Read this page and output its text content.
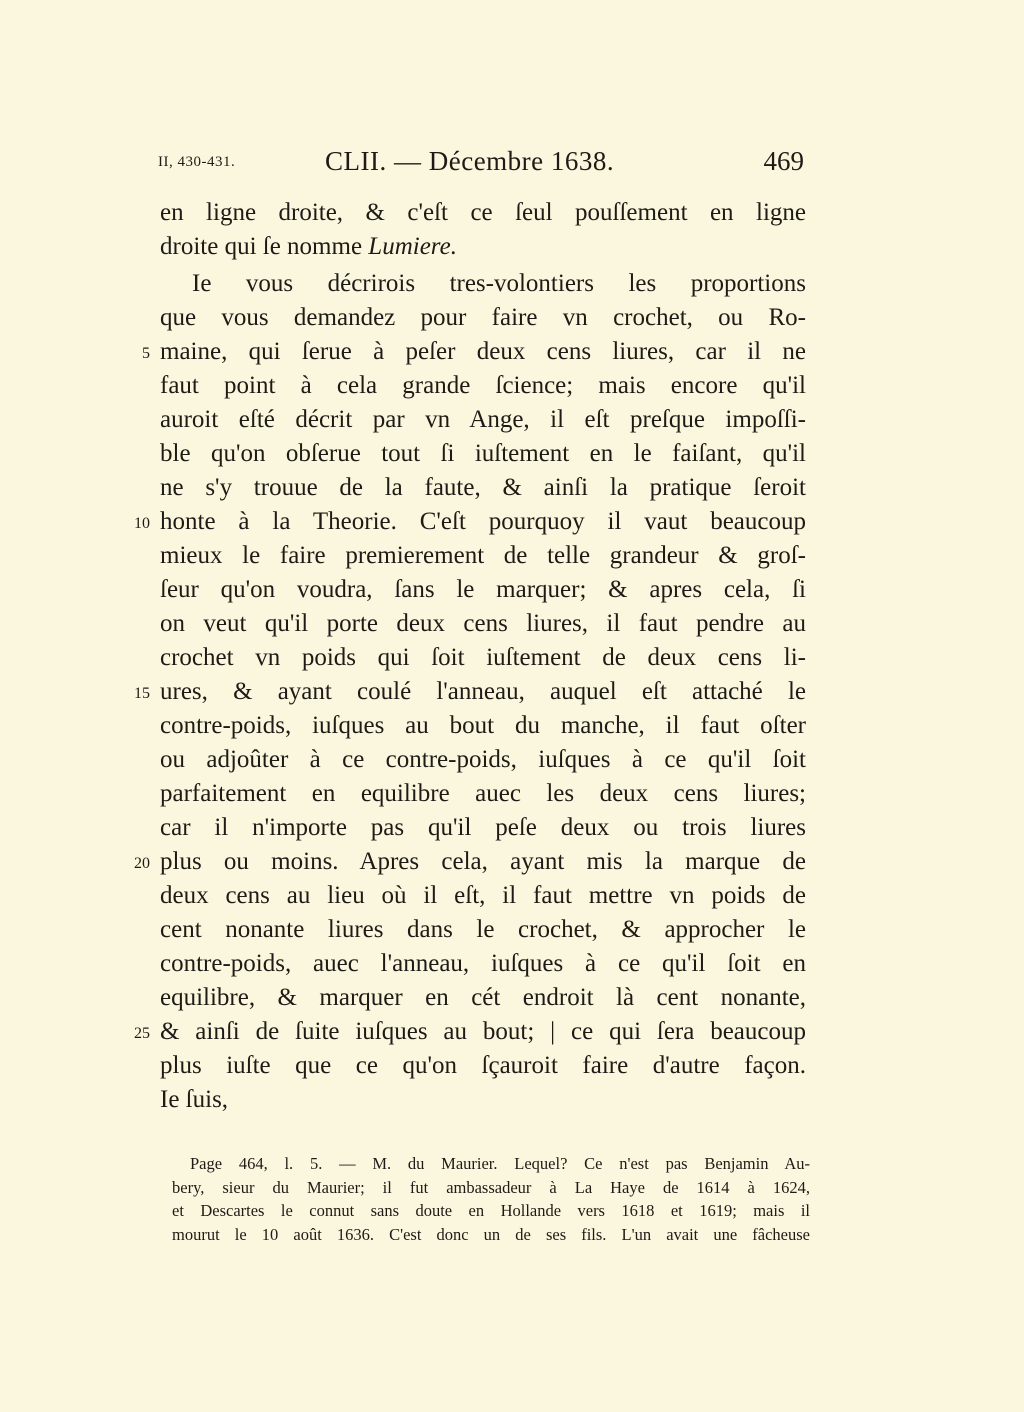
II, 430-431.	CLII. — Décembre 1638.	469
en ligne droite, & c'eſt ce ſeul pouſſement en ligne
droite qui ſe nomme Lumiere.
Ie vous décrirois tres-volontiers les proportions
que vous demandez pour faire vn crochet, ou Ro-
maine, qui ſerue à peſer deux cens liures, car il ne
faut point à cela grande ſcience; mais encore qu'il
auroit eſté décrit par vn Ange, il eſt preſque impoſſi-
ble qu'on obſerue tout ſi iuſtement en le faiſant, qu'il
ne s'y trouue de la faute, & ainſi la pratique ſeroit
honte à la Theorie. C'eſt pourquoy il vaut beaucoup
mieux le faire premierement de telle grandeur & groſ-
ſeur qu'on voudra, ſans le marquer; & apres cela, ſi
on veut qu'il porte deux cens liures, il faut pendre au
crochet vn poids qui ſoit iuſtement de deux cens li-
ures, & ayant coulé l'anneau, auquel eſt attaché le
contre-poids, iuſques au bout du manche, il faut oſter
ou adjoûter à ce contre-poids, iuſques à ce qu'il ſoit
parfaitement en equilibre auec les deux cens liures;
car il n'importe pas qu'il peſe deux ou trois liures
plus ou moins. Apres cela, ayant mis la marque de
deux cens au lieu où il eſt, il faut mettre vn poids de
cent nonante liures dans le crochet, & approcher le
contre-poids, auec l'anneau, iuſques à ce qu'il ſoit en
equilibre, & marquer en cét endroit là cent nonante,
& ainſi de ſuite iuſques au bout; | ce qui ſera beaucoup
plus iuſte que ce qu'on ſçauroit faire d'autre façon.
Ie ſuis,
5
10
15
20
25
Page 464, l. 5. — M. du Maurier. Lequel? Ce n'est pas Benjamin Au-
bery, sieur du Maurier; il fut ambassadeur à La Haye de 1614 à 1624,
et Descartes le connut sans doute en Hollande vers 1618 et 1619; mais il
mourut le 10 août 1636. C'est donc un de ses fils. L'un avait une fâcheuse
